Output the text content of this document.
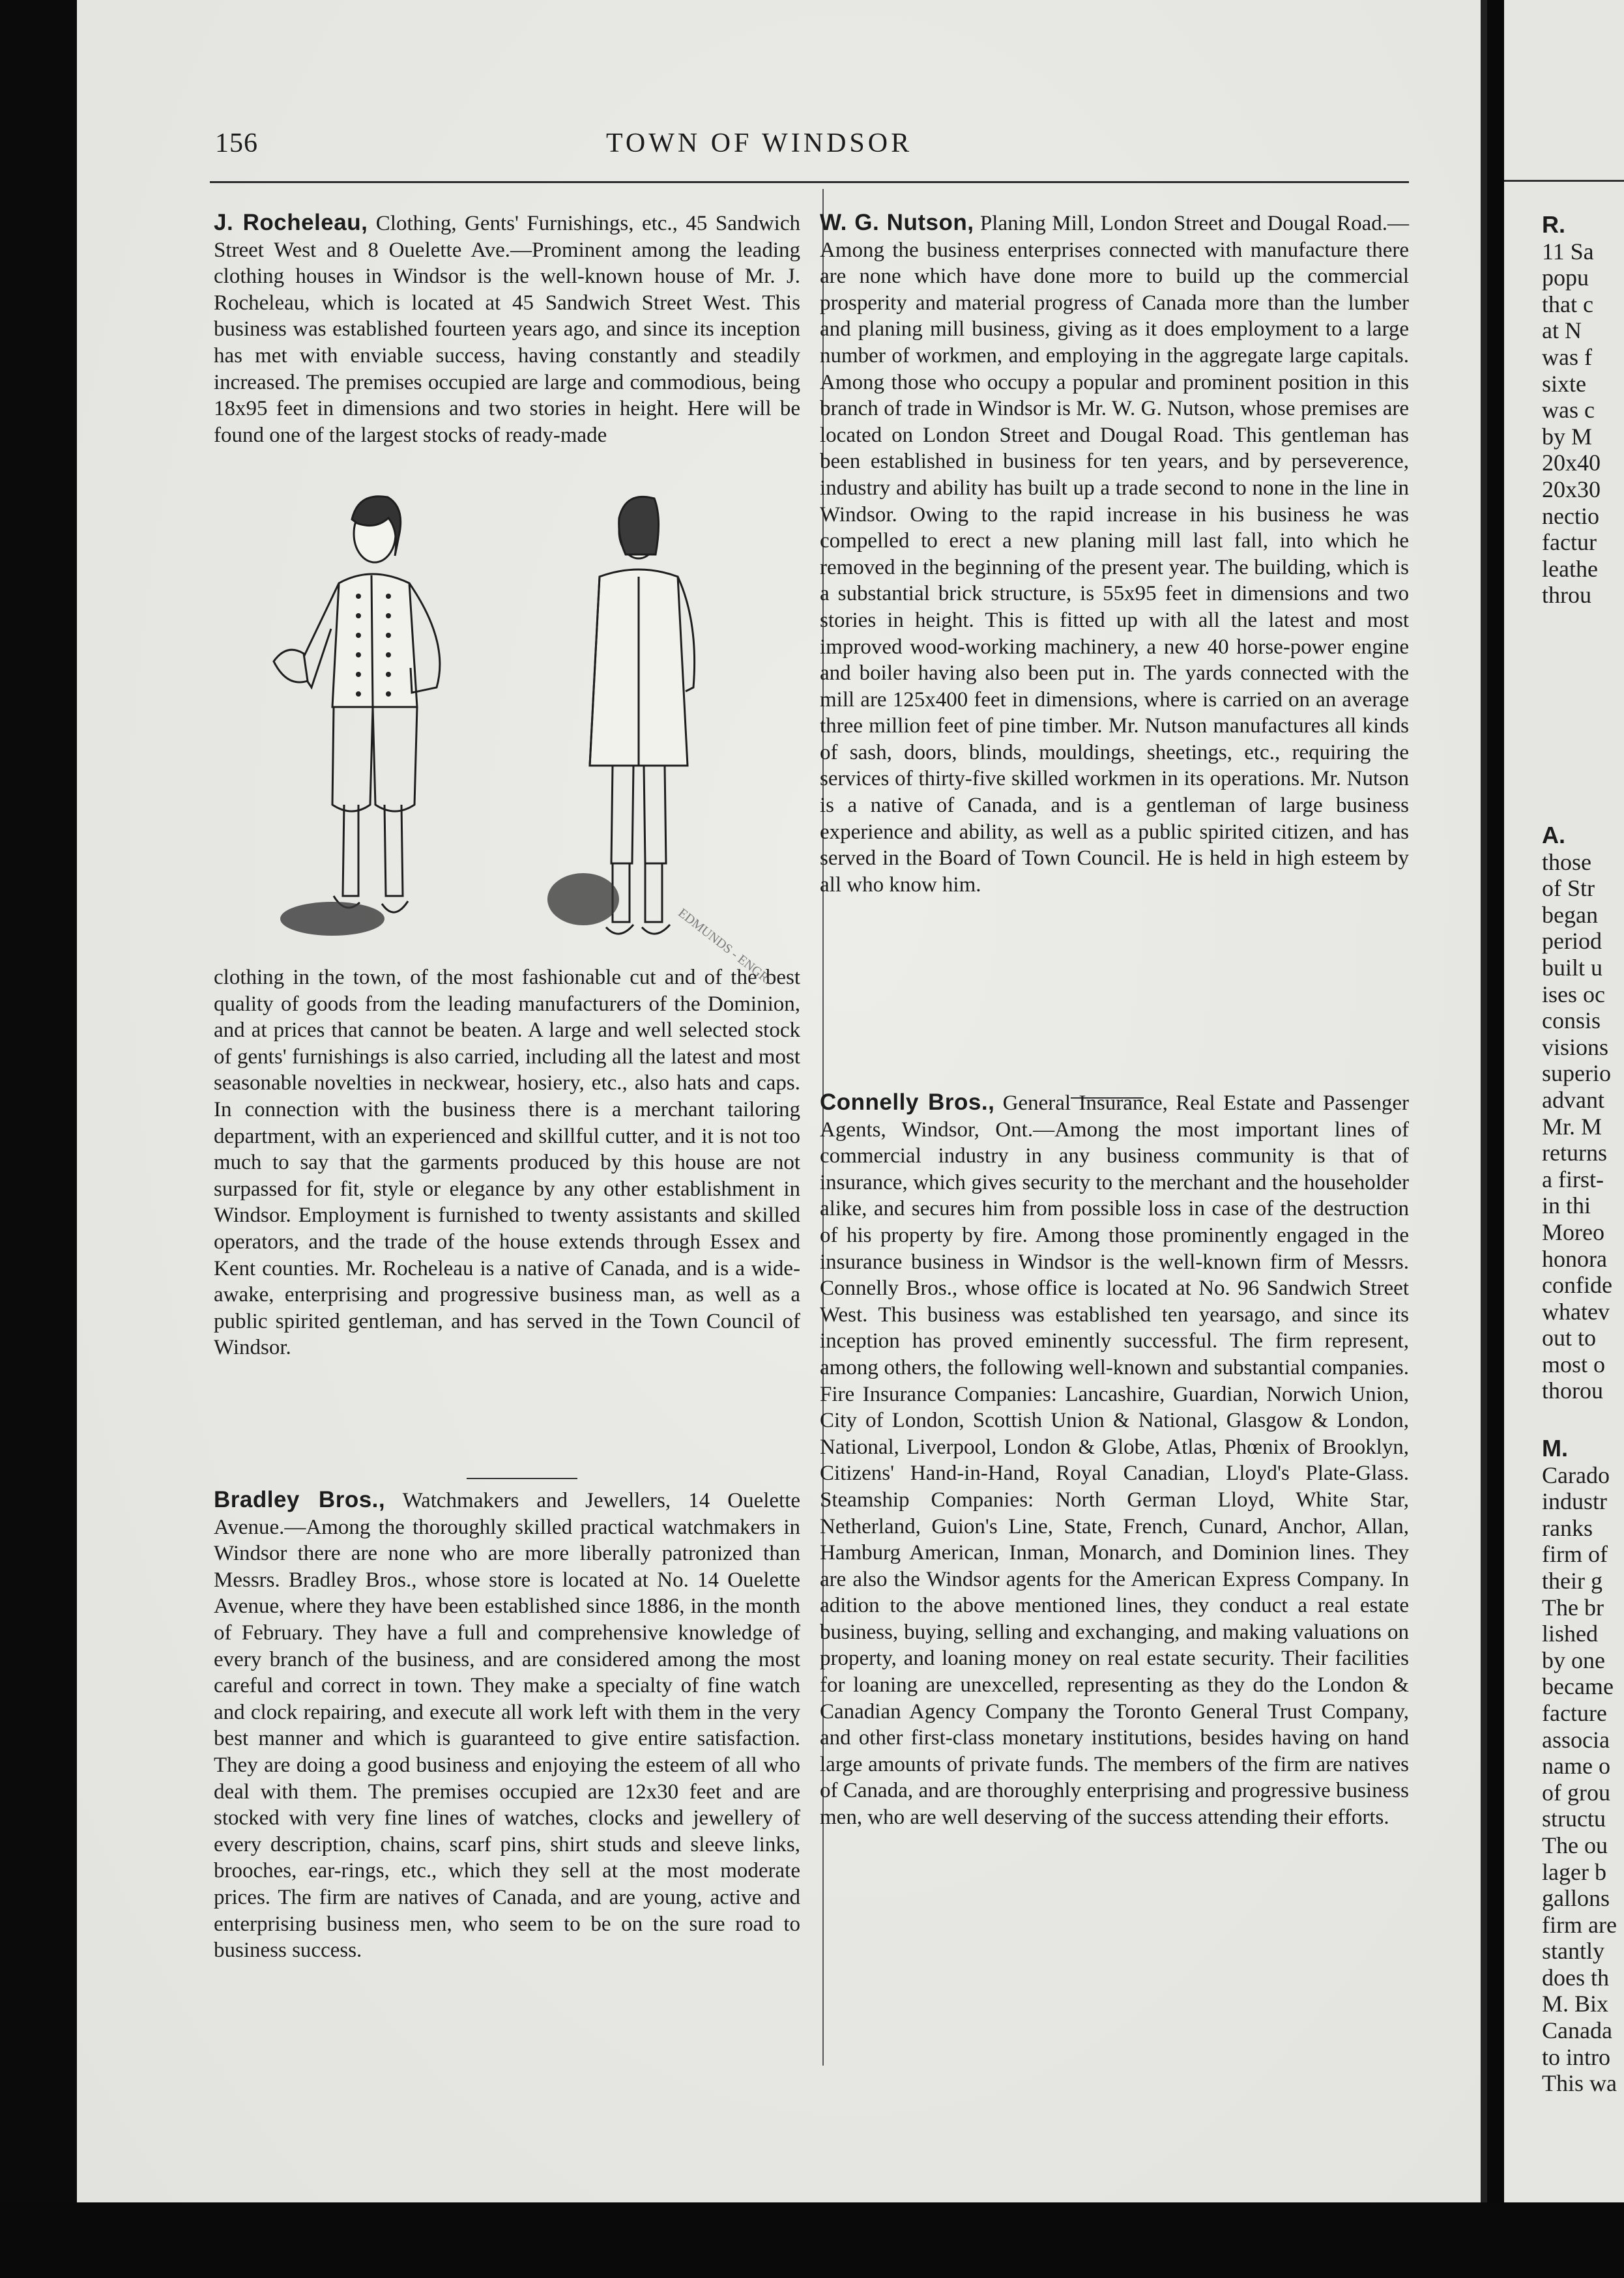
R.
11 Sa
popu
that c
at N
was f
sixte
was c
by M
20x40
20x30
nectio
factur
leathe
throu
A.
those
of Str
began
period
built u
ises oc
consis
visions
superio
advant
Mr. M
returns
a first-
in thi
Moreo
honora
confide
whatev
out to
most o
thorou
M.
Carado
industr
ranks
firm of
their g
The br
lished
by one
became
facture
associa
name o
of grou
structu
The ou
lager b
gallons
firm are
stantly
does th
M. Bix
Canada
to intro
This wa
156	TOWN OF WINDSOR

J. Rocheleau, Clothing, Gents' Furnishings, etc., 45 Sandwich Street West and 8 Ouelette Ave.—Prominent among the leading clothing houses in Windsor is the well-known house of Mr. J. Rocheleau, which is located at 45 Sandwich Street West. This business was established fourteen years ago, and since its inception has met with enviable success, having constantly and steadily increased. The premises occupied are large and commodious, being 18x95 feet in dimensions and two stories in height. Here will be found one of the largest stocks of ready-made

EDMUNDS - ENGR.

clothing in the town, of the most fashionable cut and of the best quality of goods from the leading manufacturers of the Dominion, and at prices that cannot be beaten. A large and well selected stock of gents' furnishings is also carried, including all the latest and most seasonable novelties in neckwear, hosiery, etc., also hats and caps. In connection with the business there is a merchant tailoring department, with an experienced and skillful cutter, and it is not too much to say that the garments produced by this house are not surpassed for fit, style or elegance by any other establishment in Windsor. Employment is furnished to twenty assistants and skilled operators, and the trade of the house extends through Essex and Kent counties. Mr. Rocheleau is a native of Canada, and is a wide-awake, enterprising and progressive business man, as well as a public spirited gentleman, and has served in the Town Council of Windsor.

Bradley Bros., Watchmakers and Jewellers, 14 Ouelette Avenue.—Among the thoroughly skilled practical watchmakers in Windsor there are none who are more liberally patronized than Messrs. Bradley Bros., whose store is located at No. 14 Ouelette Avenue, where they have been established since 1886, in the month of February. They have a full and comprehensive knowledge of every branch of the business, and are considered among the most careful and correct in town. They make a specialty of fine watch and clock repairing, and execute all work left with them in the very best manner and which is guaranteed to give entire satisfaction. They are doing a good business and enjoying the esteem of all who deal with them. The premises occupied are 12x30 feet and are stocked with very fine lines of watches, clocks and jewellery of every description, chains, scarf pins, shirt studs and sleeve links, brooches, ear-rings, etc., which they sell at the most moderate prices. The firm are natives of Canada, and are young, active and enterprising business men, who seem to be on the sure road to business success.

W. G. Nutson, Planing Mill, London Street and Dougal Road.—Among the business enterprises connected with manufacture there are none which have done more to build up the commercial prosperity and material progress of Canada more than the lumber and planing mill business, giving as it does employment to a large number of workmen, and employing in the aggregate large capitals. Among those who occupy a popular and prominent position in this branch of trade in Windsor is Mr. W. G. Nutson, whose premises are located on London Street and Dougal Road. This gentleman has been established in business for ten years, and by perseverence, industry and ability has built up a trade second to none in the line in Windsor. Owing to the rapid increase in his business he was compelled to erect a new planing mill last fall, into which he removed in the beginning of the present year. The building, which is a substantial brick structure, is 55x95 feet in dimensions and two stories in height. This is fitted up with all the latest and most improved wood-working machinery, a new 40 horse-power engine and boiler having also been put in. The yards connected with the mill are 125x400 feet in dimensions, where is carried on an average three million feet of pine timber. Mr. Nutson manufactures all kinds of sash, doors, blinds, mouldings, sheetings, etc., requiring the services of thirty-five skilled workmen in its operations. Mr. Nutson is a native of Canada, and is a gentleman of large business experience and ability, as well as a public spirited citizen, and has served in the Board of Town Council. He is held in high esteem by all who know him.

Connelly Bros., General Insurance, Real Estate and Passenger Agents, Windsor, Ont.—Among the most important lines of commercial industry in any business community is that of insurance, which gives security to the merchant and the householder alike, and secures him from possible loss in case of the destruction of his property by fire. Among those prominently engaged in the insurance business in Windsor is the well-known firm of Messrs. Connelly Bros., whose office is located at No. 96 Sandwich Street West. This business was established ten yearsago, and since its inception has proved eminently successful. The firm represent, among others, the following well-known and substantial companies. Fire Insurance Companies: Lancashire, Guardian, Norwich Union, City of London, Scottish Union & National, Glasgow & London, National, Liverpool, London & Globe, Atlas, Phœnix of Brooklyn, Citizens' Hand-in-Hand, Royal Canadian, Lloyd's Plate-Glass. Steamship Companies: North German Lloyd, White Star, Netherland, Guion's Line, State, French, Cunard, Anchor, Allan, Hamburg American, Inman, Monarch, and Dominion lines. They are also the Windsor agents for the American Express Company. In adition to the above mentioned lines, they conduct a real estate business, buying, selling and exchanging, and making valuations on property, and loaning money on real estate security. Their facilities for loaning are unexcelled, representing as they do the London & Canadian Agency Company the Toronto General Trust Company, and other first-class monetary institutions, besides having on hand large amounts of private funds. The members of the firm are natives of Canada, and are thoroughly enterprising and progressive business men, who are well deserving of the success attending their efforts.
